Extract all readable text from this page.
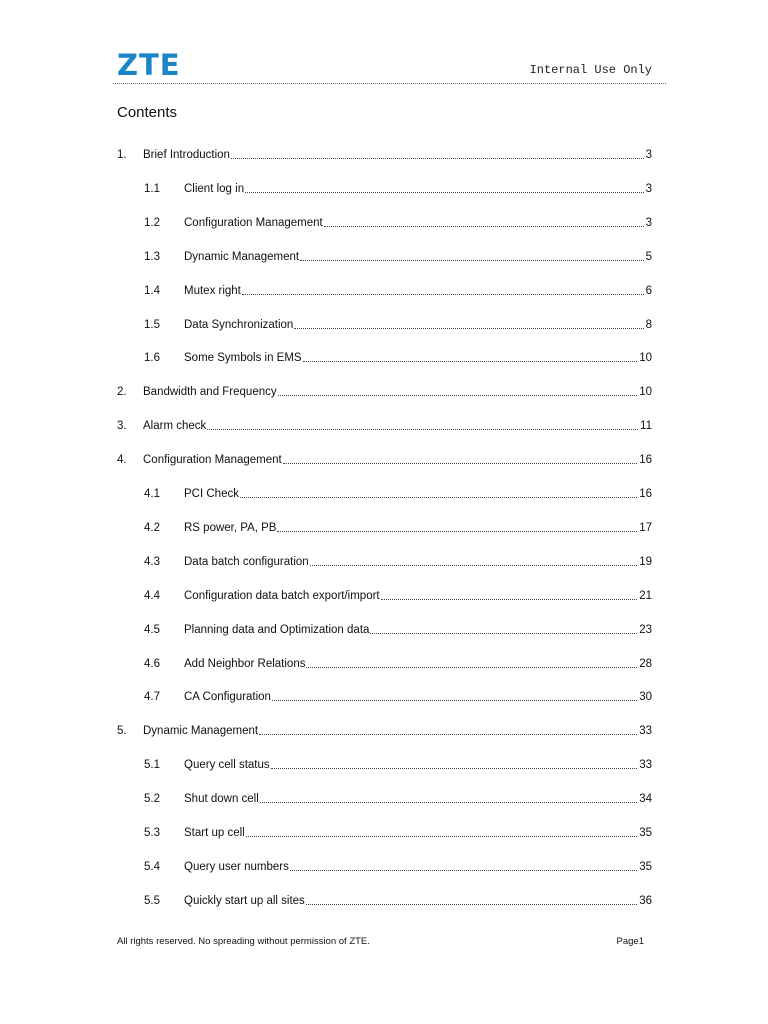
ZTE	Internal Use Only
Contents
1.	Brief Introduction	3
1.1	Client log in	3
1.2	Configuration Management	3
1.3	Dynamic Management	5
1.4	Mutex right	6
1.5	Data Synchronization	8
1.6	Some Symbols in EMS	10
2.	Bandwidth and Frequency	10
3.	Alarm check	11
4.	Configuration Management	16
4.1	PCI Check	16
4.2	RS power, PA, PB	17
4.3	Data batch configuration	19
4.4	Configuration data batch export/import	21
4.5	Planning data and Optimization data	23
4.6	Add Neighbor Relations	28
4.7	CA Configuration	30
5.	Dynamic Management	33
5.1	Query cell status	33
5.2	Shut down cell	34
5.3	Start up cell	35
5.4	Query user numbers	35
5.5	Quickly start up all sites	36
All rights reserved. No spreading without permission of ZTE.	Page1
